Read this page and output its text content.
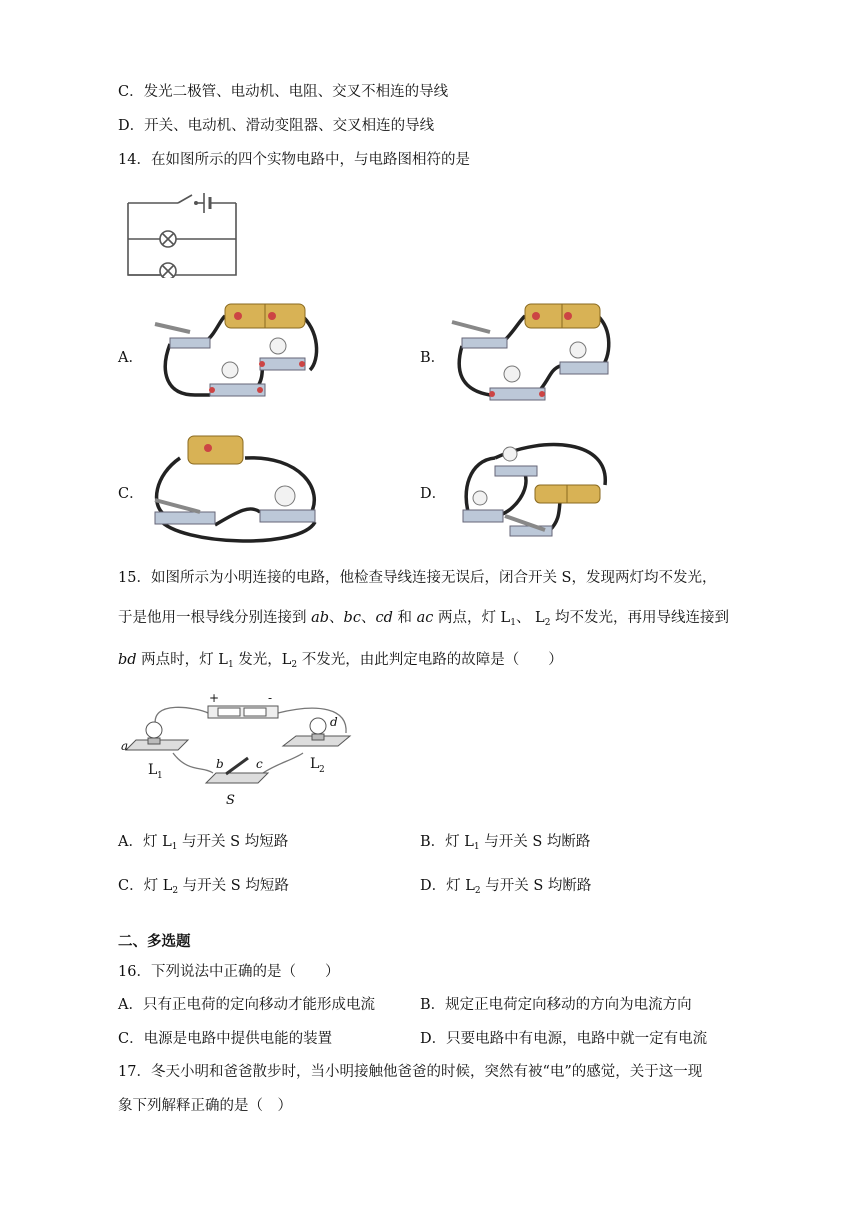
C．发光二极管、电动机、电阻、交叉不相连的导线
D．开关、电动机、滑动变阻器、交叉相连的导线
14．在如图所示的四个实物电路中，与电路图相符的是
A．	B．
C．	D．
15．如图所示为小明连接的电路，他检查导线连接无误后，闭合开关 S，发现两灯均不发光，
于是他用一根导线分别连接到 ab、bc、cd 和 ac 两点，灯 $L_1$、 $L_2$ 均不发光，再用导线连接到
bd 两点时，灯 $L_1$ 发光，$L_2$ 不发光，由此判定电路的故障是（　　）
+	-
a
L 1
d
L 2
b	c
S
A．灯 $L_1$ 与开关 S 均短路	B．灯 $L_1$ 与开关 S 均断路
C．灯 $L_2$ 与开关 S 均短路	D．灯 $L_2$ 与开关 S 均断路
二、多选题
16．下列说法中正确的是（　　）
A．只有正电荷的定向移动才能形成电流	B．规定正电荷定向移动的方向为电流方向
C．电源是电路中提供电能的装置	D．只要电路中有电源，电路中就一定有电流
17．冬天小明和爸爸散步时，当小明接触他爸爸的时候，突然有被“电”的感觉，关于这一现
象下列解释正确的是（　）
